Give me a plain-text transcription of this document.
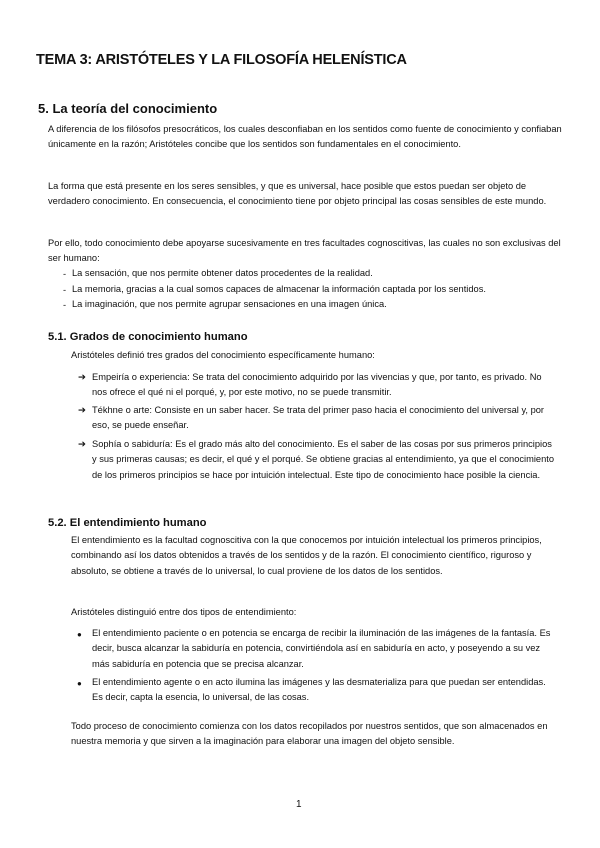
TEMA 3: ARISTÓTELES Y LA FILOSOFÍA HELENÍSTICA
5. La teoría del conocimiento

A diferencia de los filósofos presocráticos, los cuales desconfiaban en los sentidos como fuente de conocimiento y confiaban únicamente en la razón; Aristóteles concibe que los sentidos son fundamentales en el conocimiento.

La forma que está presente en los seres sensibles, y que es universal, hace posible que estos puedan ser objeto de verdadero conocimiento. En consecuencia, el conocimiento tiene por objeto principal las cosas sensibles de este mundo.

Por ello, todo conocimiento debe apoyarse sucesivamente en tres facultades cognoscitivas, las cuales no son exclusivas del ser humano:

- La sensación, que nos permite obtener datos procedentes de la realidad.
- La memoria, gracias a la cual somos capaces de almacenar la información captada por los sentidos.
- La imaginación, que nos permite agrupar sensaciones en una imagen única.
5.1. Grados de conocimiento humano

Aristóteles definió tres grados del conocimiento específicamente humano:

➔ Empeiría o experiencia: Se trata del conocimiento adquirido por las vivencias y que, por tanto, es privado. No nos ofrece el qué ni el porqué, y, por este motivo, no se puede transmitir.
➔ Tékhne o arte: Consiste en un saber hacer. Se trata del primer paso hacia el conocimiento del universal y, por eso, se puede enseñar.
➔ Sophía o sabiduría: Es el grado más alto del conocimiento. Es el saber de las cosas por sus primeros principios y sus primeras causas; es decir, el qué y el porqué. Se obtiene gracias al entendimiento, ya que el conocimiento de los primeros principios se hace por intuición intelectual. Este tipo de conocimiento hace posible la ciencia.
5.2. El entendimiento humano

El entendimiento es la facultad cognoscitiva con la que conocemos por intuición intelectual los primeros principios, combinando así los datos obtenidos a través de los sentidos y de la razón. El conocimiento científico, riguroso y absoluto, se obtiene a través de lo universal, lo cual proviene de los datos de los sentidos.

Aristóteles distinguió entre dos tipos de entendimiento:

● El entendimiento paciente o en potencia se encarga de recibir la iluminación de las imágenes de la fantasía. Es decir, busca alcanzar la sabiduría en potencia, convirtiéndola así en sabiduría en acto, y poseyendo a su vez más sabiduría en potencia que se precisa alcanzar.
● El entendimiento agente o en acto ilumina las imágenes y las desmaterializa para que puedan ser entendidas. Es decir, capta la esencia, lo universal, de las cosas.

Todo proceso de conocimiento comienza con los datos recopilados por nuestros sentidos, que son almacenados en nuestra memoria y que sirven a la imaginación para elaborar una imagen del objeto sensible.

1
